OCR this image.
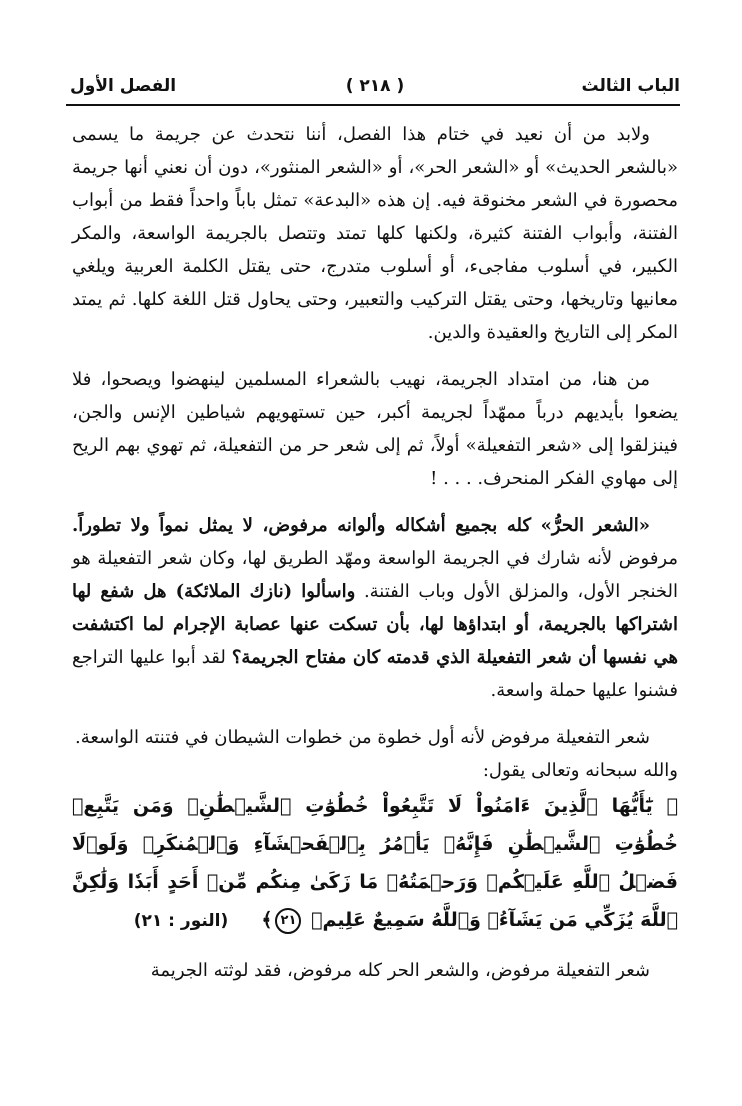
الباب الثالث
( ٢١٨ )
الفصل الأول

ولابد من أن نعيد في ختام هذا الفصل، أننا نتحدث عن جريمة ما يسمى «بالشعر الحديث» أو «الشعر الحر»، أو «الشعر المنثور»، دون أن نعني أنها جريمة محصورة في الشعر مخنوقة فيه. إن هذه «البدعة» تمثل باباً واحداً فقط من أبواب الفتنة، وأبواب الفتنة كثيرة، ولكنها كلها تمتد وتتصل بالجريمة الواسعة، والمكر الكبير، في أسلوب مفاجىء، أو أسلوب متدرج، حتى يقتل الكلمة العربية ويلغي معانيها وتاريخها، وحتى يقتل التركيب والتعبير، وحتى يحاول قتل اللغة كلها. ثم يمتد المكر إلى التاريخ والعقيدة والدين.

من هنا، من امتداد الجريمة، نهيب بالشعراء المسلمين لينهضوا ويصحوا، فلا يضعوا بأيديهم درباً ممهّداً لجريمة أكبر، حين تستهويهم شياطين الإنس والجن، فينزلقوا إلى «شعر التفعيلة» أولاً، ثم إلى شعر حر من التفعيلة، ثم تهوي بهم الريح إلى مهاوي الفكر المنحرف. . . . !

«الشعر الحرُّ» كله بجميع أشكاله وألوانه مرفوض، لا يمثل نمواً ولا تطوراً. مرفوض لأنه شارك في الجريمة الواسعة ومهّد الطريق لها، وكان شعر التفعيلة هو الخنجر الأول، والمزلق الأول وباب الفتنة. واسألوا (نازك الملائكة) هل شفع لها اشتراكها بالجريمة، أو ابتداؤها لها، بأن تسكت عنها عصابة الإجرام لما اكتشفت هي نفسها أن شعر التفعيلة الذي قدمته كان مفتاح الجريمة؟ لقد أبوا عليها التراجع فشنوا عليها حملة واسعة.

شعر التفعيلة مرفوض لأنه أول خطوة من خطوات الشيطان في فتنته الواسعة.

والله سبحانه وتعالى يقول:

﴿ يَٰٓأَيُّهَا ٱلَّذِينَ ءَامَنُواْ لَا تَتَّبِعُواْ خُطُوَٰتِ ٱلشَّيۡطَٰنِۚ وَمَن يَتَّبِعۡ خُطُوَٰتِ ٱلشَّيۡطَٰنِ فَإِنَّهُۥ يَأۡمُرُ بِٱلۡفَحۡشَآءِ وَٱلۡمُنكَرِۚ وَلَوۡلَا فَضۡلُ ٱللَّهِ عَلَيۡكُمۡ وَرَحۡمَتُهُۥ مَا زَكَىٰ مِنكُم مِّنۡ أَحَدٍ أَبَدٗا وَلَٰكِنَّ ٱللَّهَ يُزَكِّي مَن يَشَآءُۗ وَٱللَّهُ سَمِيعٌ عَلِيمٞ ٢١﴾     (النور : ٢١)

شعر التفعيلة مرفوض، والشعر الحر كله مرفوض، فقد لوثته الجريمة
